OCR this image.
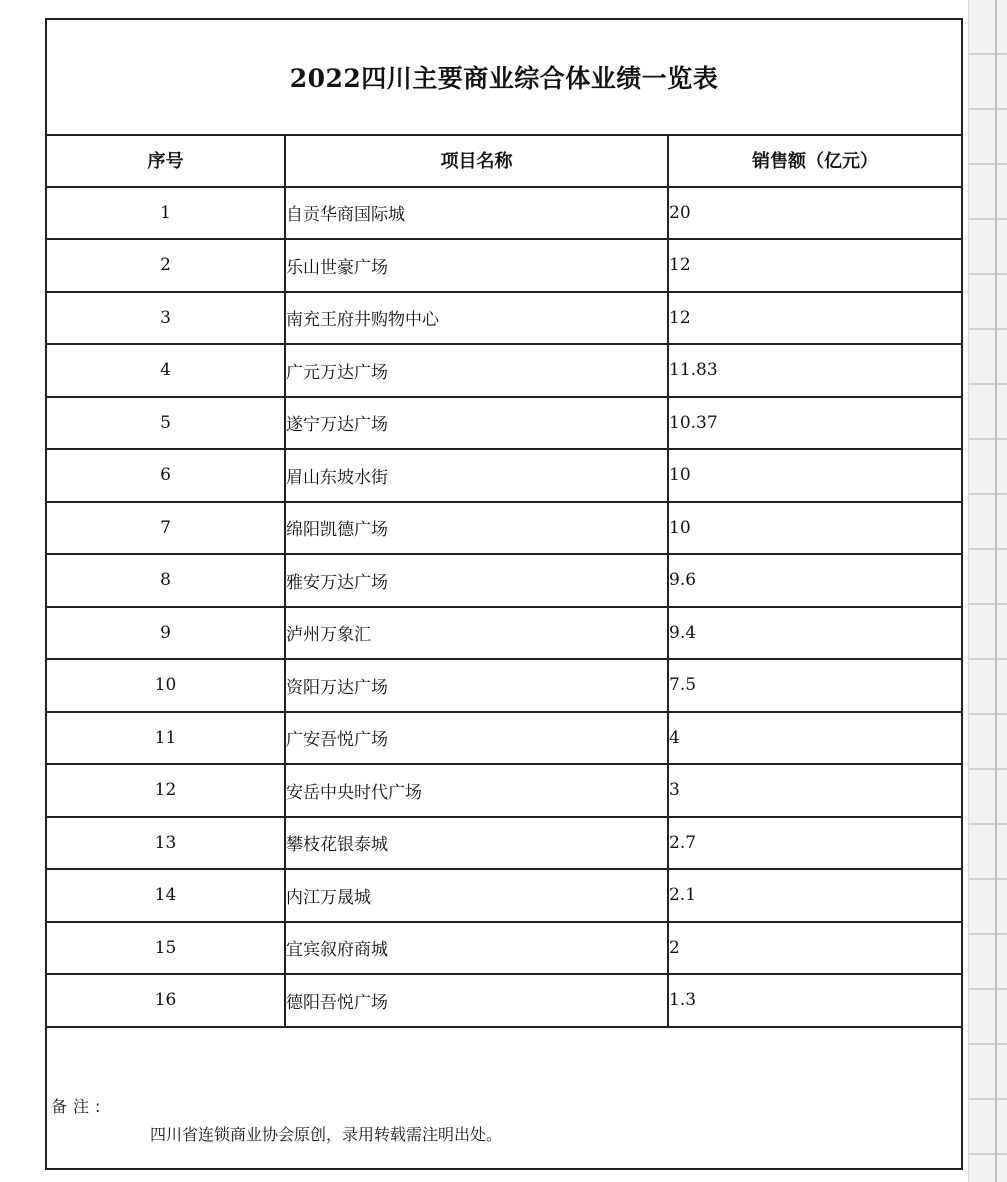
2022四川主要商业综合体业绩一览表
序号	项目名称	销售额（亿元）
1	自贡华商国际城	20
2	乐山世豪广场	12
3	南充王府井购物中心	12
4	广元万达广场	11.83
5	遂宁万达广场	10.37
6	眉山东坡水街	10
7	绵阳凯德广场	10
8	雅安万达广场	9.6
9	泸州万象汇	9.4
10	资阳万达广场	7.5
11	广安吾悦广场	4
12	安岳中央时代广场	3
13	攀枝花银泰城	2.7
14	内江万晟城	2.1
15	宜宾叙府商城	2
16	德阳吾悦广场	1.3
备注:
四川省连锁商业协会原创，录用转载需注明出处。
